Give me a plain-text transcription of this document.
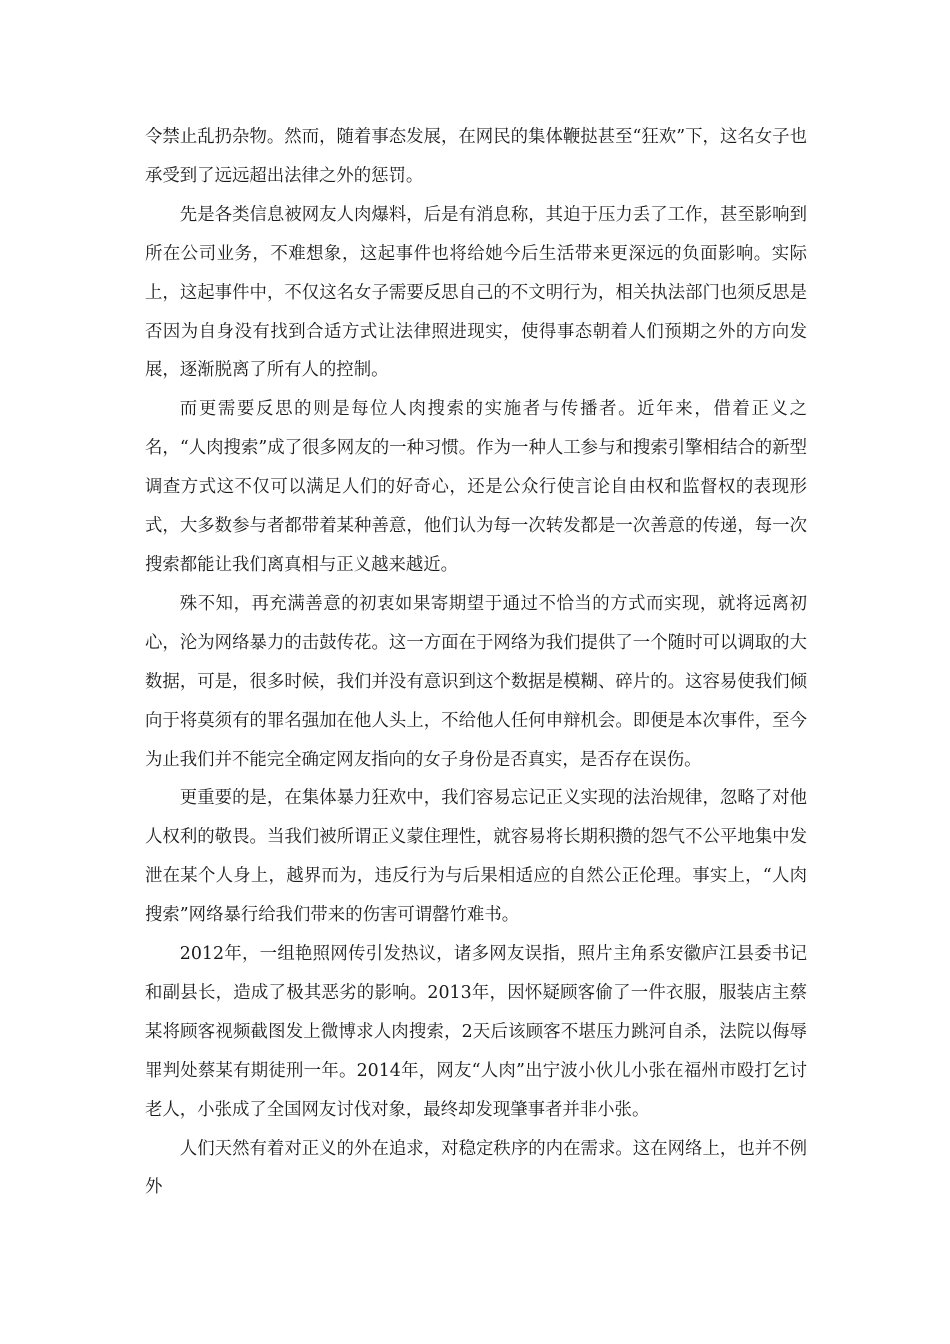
令禁止乱扔杂物。然而，随着事态发展，在网民的集体鞭挞甚至“狂欢”下，这名女子也承受到了远远超出法律之外的惩罚。

先是各类信息被网友人肉爆料，后是有消息称，其迫于压力丢了工作，甚至影响到所在公司业务，不难想象，这起事件也将给她今后生活带来更深远的负面影响。实际上，这起事件中，不仅这名女子需要反思自己的不文明行为，相关执法部门也须反思是否因为自身没有找到合适方式让法律照进现实，使得事态朝着人们预期之外的方向发展，逐渐脱离了所有人的控制。

而更需要反思的则是每位人肉搜索的实施者与传播者。近年来，借着正义之名，“人肉搜索”成了很多网友的一种习惯。作为一种人工参与和搜索引擎相结合的新型调查方式这不仅可以满足人们的好奇心，还是公众行使言论自由权和监督权的表现形式，大多数参与者都带着某种善意，他们认为每一次转发都是一次善意的传递，每一次搜索都能让我们离真相与正义越来越近。

殊不知，再充满善意的初衷如果寄期望于通过不恰当的方式而实现，就将远离初心，沦为网络暴力的击鼓传花。这一方面在于网络为我们提供了一个随时可以调取的大数据，可是，很多时候，我们并没有意识到这个数据是模糊、碎片的。这容易使我们倾向于将莫须有的罪名强加在他人头上，不给他人任何申辩机会。即便是本次事件，至今为止我们并不能完全确定网友指向的女子身份是否真实，是否存在误伤。

更重要的是，在集体暴力狂欢中，我们容易忘记正义实现的法治规律，忽略了对他人权利的敬畏。当我们被所谓正义蒙住理性，就容易将长期积攒的怨气不公平地集中发泄在某个人身上，越界而为，违反行为与后果相适应的自然公正伦理。事实上，“人肉搜索”网络暴行给我们带来的伤害可谓罄竹难书。

2012年，一组艳照网传引发热议，诸多网友误指，照片主角系安徽庐江县委书记和副县长，造成了极其恶劣的影响。2013年，因怀疑顾客偷了一件衣服，服装店主蔡某将顾客视频截图发上微博求人肉搜索，2天后该顾客不堪压力跳河自杀，法院以侮辱罪判处蔡某有期徒刑一年。2014年，网友“人肉”出宁波小伙儿小张在福州市殴打乞讨老人，小张成了全国网友讨伐对象，最终却发现肇事者并非小张。

人们天然有着对正义的外在追求，对稳定秩序的内在需求。这在网络上，也并不例外
